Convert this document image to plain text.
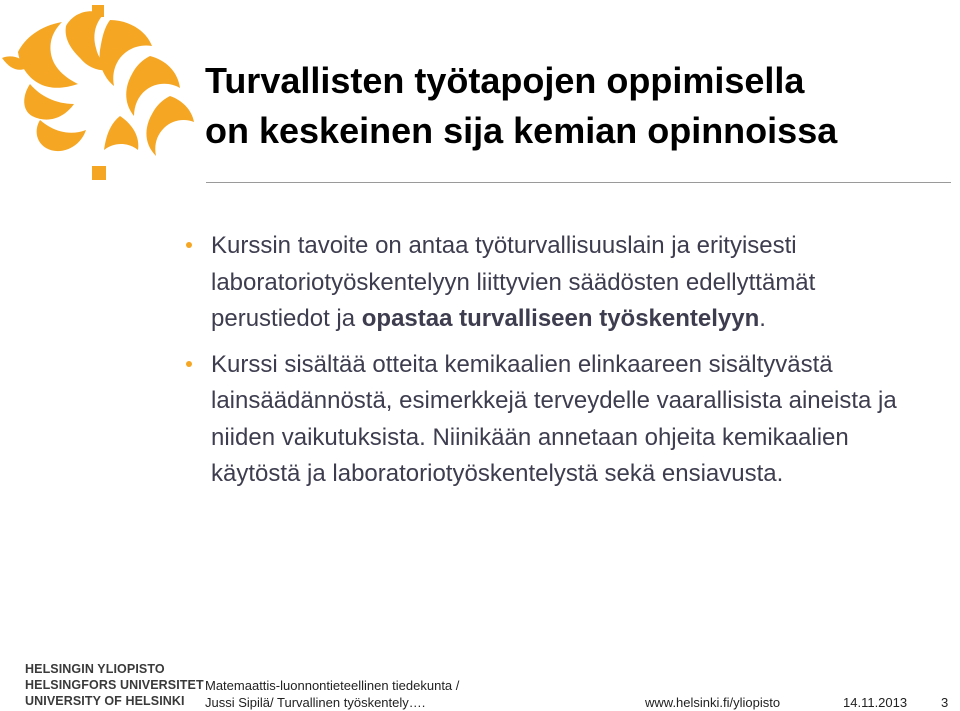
Turvallisten työtapojen oppimisella
on keskeinen sija kemian opinnoissa
Kurssin tavoite on antaa työturvallisuuslain ja erityisesti laboratoriotyöskentelyyn liittyvien säädösten edellyttämät perustiedot ja opastaa turvalliseen työskentelyyn.
Kurssi sisältää otteita kemikaalien elinkaareen sisältyvästä lainsäädännöstä, esimerkkejä terveydelle vaarallisista aineista ja niiden vaikutuksista. Niinikään annetaan ohjeita kemikaalien käytöstä ja laboratoriotyöskentelystä sekä ensiavusta.
HELSINGIN YLIOPISTO
HELSINGFORS UNIVERSITET
UNIVERSITY OF HELSINKI
Matemaattis-luonnontieteellinen tiedekunta /
Jussi Sipilä/ Turvallinen työskentely….	www.helsinki.fi/yliopisto	14.11.2013	3
